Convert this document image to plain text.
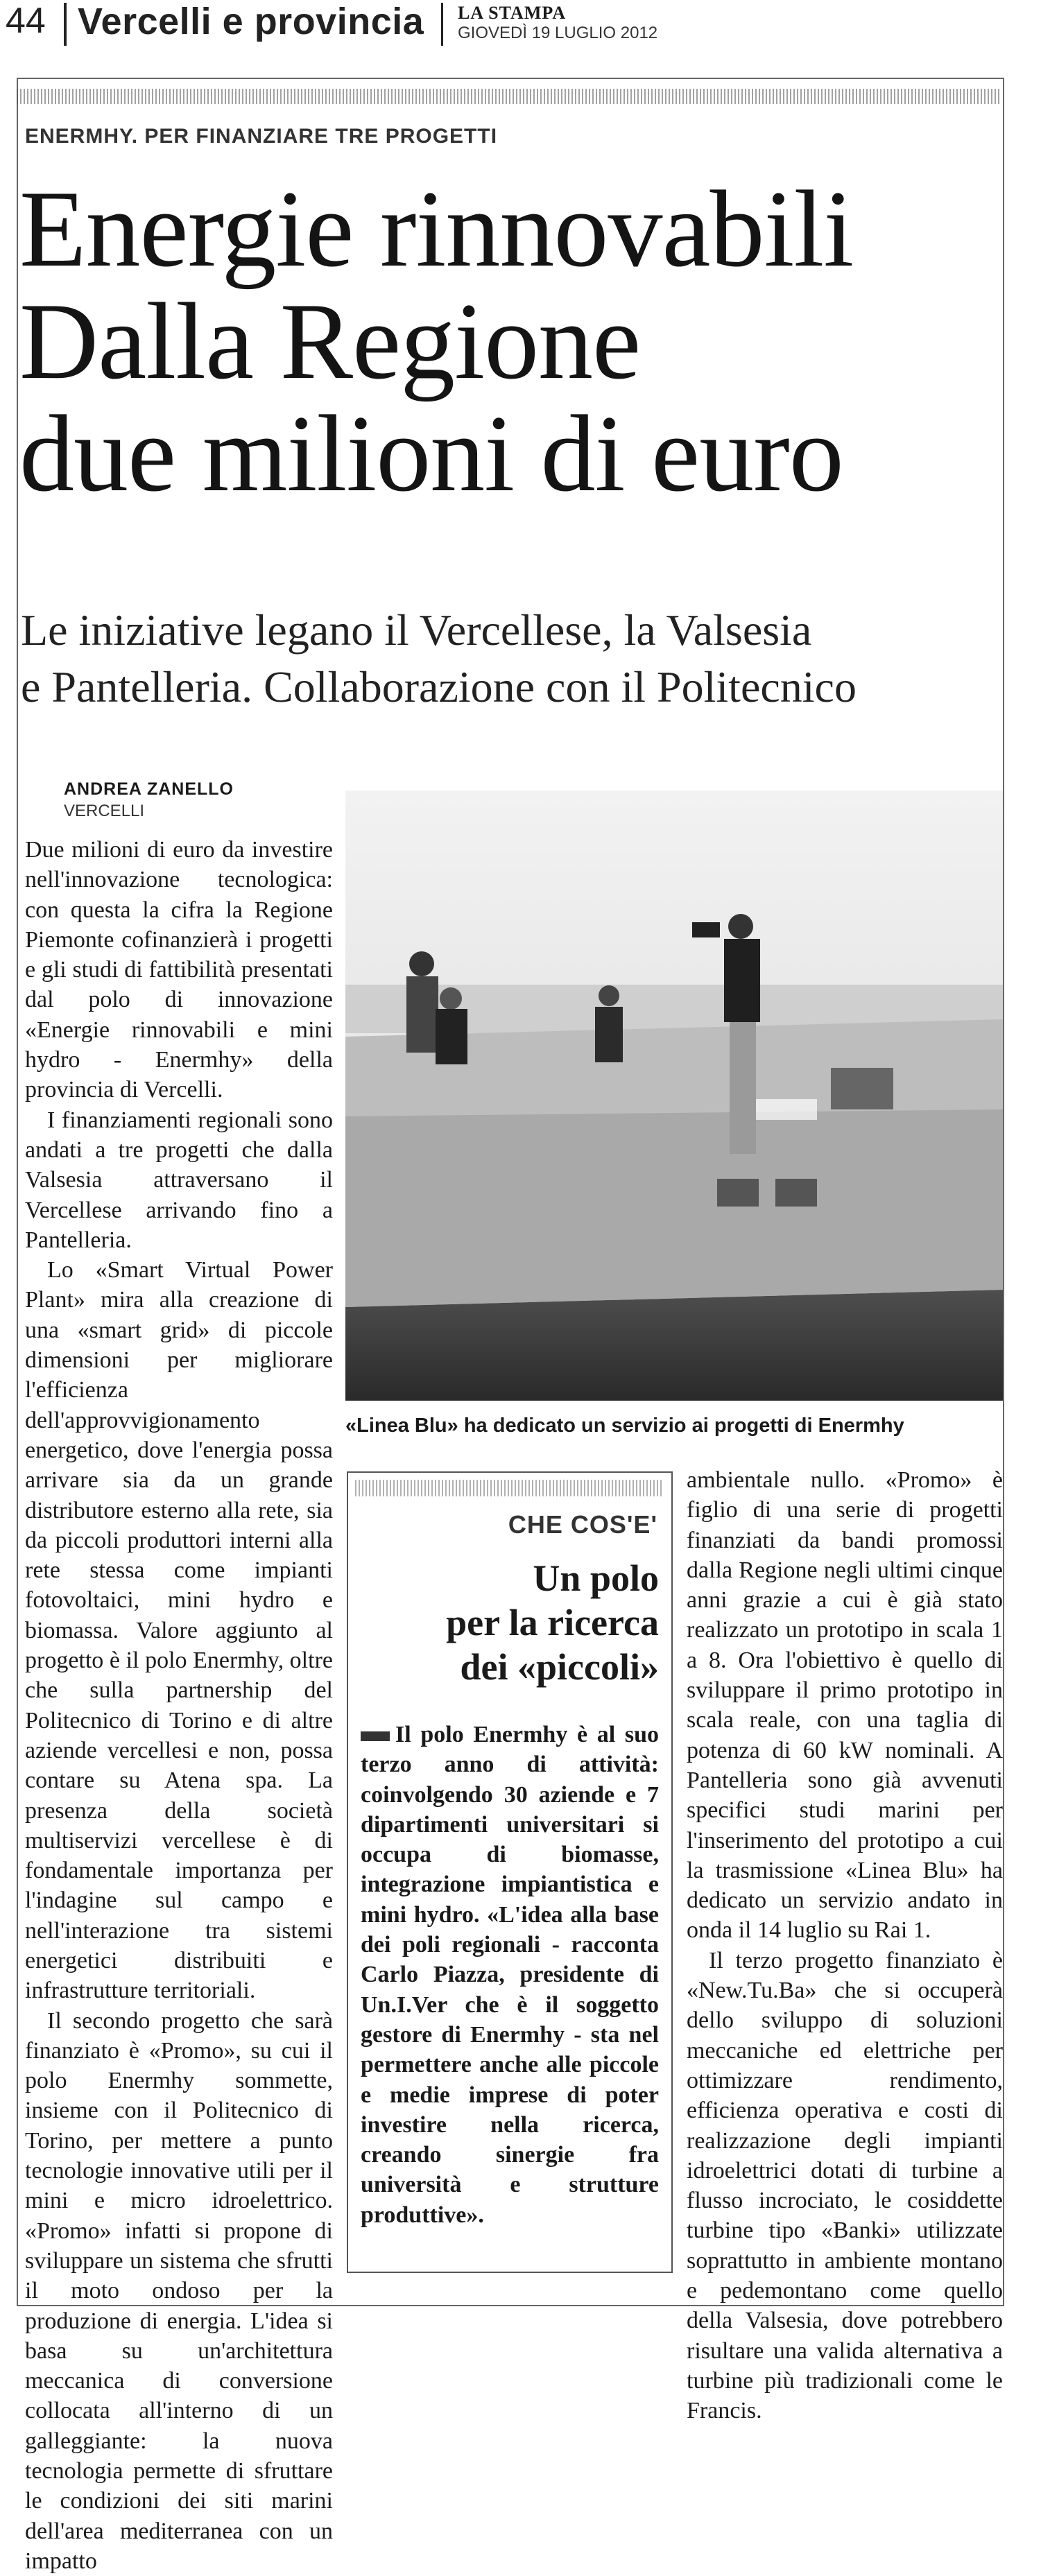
44 Vercelli e provincia LA STAMPA
GIOVEDÌ 19 LUGLIO 2012
ENERMHY. PER FINANZIARE TRE PROGETTI
Energie rinnovabili
Dalla Regione
due milioni di euro
Le iniziative legano il Vercellese, la Valsesia
e Pantelleria. Collaborazione con il Politecnico
ANDREA ZANELLO
VERCELLI

Due milioni di euro da investire nell'innovazione tecnologica: con questa la cifra la Regione Piemonte cofinanzierà i progetti e gli studi di fattibilità presentati dal polo di innovazione «Energie rinnovabili e mini hydro - Enermhy» della provincia di Vercelli.

I finanziamenti regionali sono andati a tre progetti che dalla Valsesia attraversano il Vercellese arrivando fino a Pantelleria.

Lo «Smart Virtual Power Plant» mira alla creazione di una «smart grid» di piccole dimensioni per migliorare l'efficienza dell'approvvigionamento energetico, dove l'energia possa arrivare sia da un grande distributore esterno alla rete, sia da piccoli produttori interni alla rete stessa come impianti fotovoltaici, mini hydro e biomassa. Valore aggiunto al progetto è il polo Enermhy, oltre che sulla partnership del Politecnico di Torino e di altre aziende vercellesi e non, possa contare su Atena spa. La presenza della società multiservizi vercellese è di fondamentale importanza per l'indagine sul campo e nell'interazione tra sistemi energetici distribuiti e infrastrutture territoriali.

Il secondo progetto che sarà finanziato è «Promo», su cui il polo Enermhy sommette, insieme con il Politecnico di Torino, per mettere a punto tecnologie innovative utili per il mini e micro idroelettrico. «Promo» infatti si propone di sviluppare un sistema che sfrutti il moto ondoso per la produzione di energia. L'idea si basa su un'architettura meccanica di conversione collocata all'interno di un galleggiante: la nuova tecnologia permette di sfruttare le condizioni dei siti marini dell'area mediterranea con un impatto

«Linea Blu» ha dedicato un servizio ai progetti di Enermhy
CHE COS'E'
Un polo
per la ricerca
dei «piccoli»
Il polo Enermhy è al suo terzo anno di attività: coinvolgendo 30 aziende e 7 dipartimenti universitari si occupa di biomasse, integrazione impiantistica e mini hydro. «L'idea alla base dei poli regionali - racconta Carlo Piazza, presidente di Un.I.Ver che è il soggetto gestore di Enermhy - sta nel permettere anche alle piccole e medie imprese di poter investire nella ricerca, creando sinergie fra università e strutture produttive».

ambientale nullo. «Promo» è figlio di una serie di progetti finanziati da bandi promossi dalla Regione negli ultimi cinque anni grazie a cui è già stato realizzato un prototipo in scala 1 a 8. Ora l'obiettivo è quello di sviluppare il primo prototipo in scala reale, con una taglia di potenza di 60 kW nominali. A Pantelleria sono già avvenuti specifici studi marini per l'inserimento del prototipo a cui la trasmissione «Linea Blu» ha dedicato un servizio andato in onda il 14 luglio su Rai 1.

Il terzo progetto finanziato è «New.Tu.Ba» che si occuperà dello sviluppo di soluzioni meccaniche ed elettriche per ottimizzare rendimento, efficienza operativa e costi di realizzazione degli impianti idroelettrici dotati di turbine a flusso incrociato, le cosiddette turbine tipo «Banki» utilizzate soprattutto in ambiente montano e pedemontano come quello della Valsesia, dove potrebbero risultare una valida alternativa a turbine più tradizionali come le Francis.
